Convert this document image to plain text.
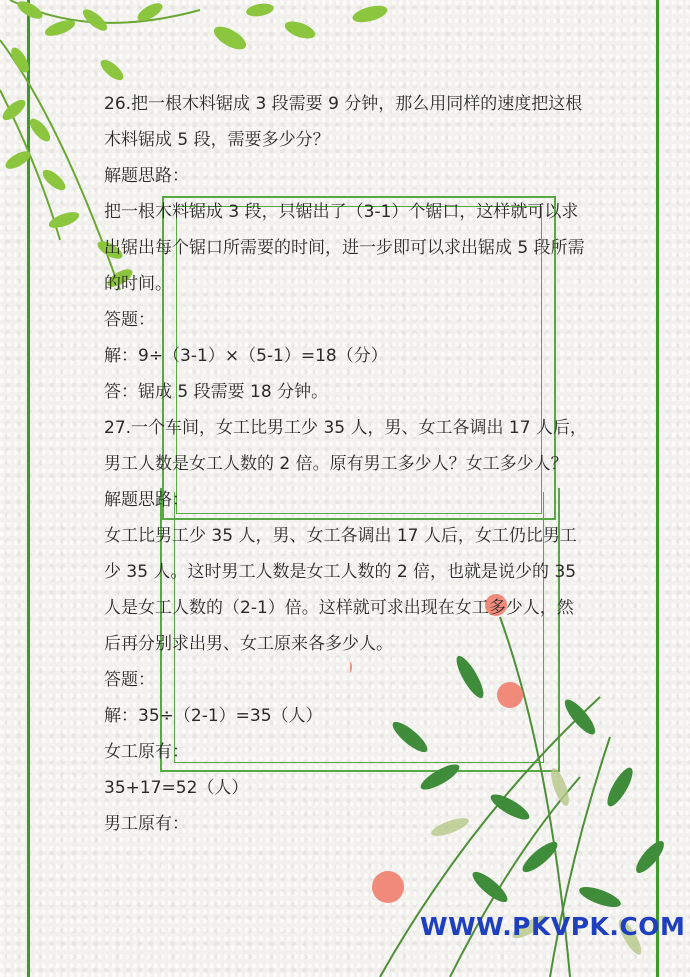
26.把一根木料锯成 3 段需要 9 分钟，那么用同样的速度把这根木料锯成 5 段，需要多少分？

解题思路：

把一根木料锯成 3 段，只锯出了（3-1）个锯口，这样就可以求出锯出每个锯口所需要的时间，进一步即可以求出锯成 5 段所需的时间。

答题：

解：9÷（3-1）×（5-1）=18（分）

答：锯成 5 段需要 18 分钟。

27.一个车间，女工比男工少 35 人，男、女工各调出 17 人后，男工人数是女工人数的 2 倍。原有男工多少人？女工多少人？

解题思路：

女工比男工少 35 人，男、女工各调出 17 人后，女工仍比男工少 35 人。这时男工人数是女工人数的 2 倍，也就是说少的 35 人是女工人数的（2-1）倍。这样就可求出现在女工多少人，然后再分别求出男、女工原来各多少人。

答题：

解：35÷（2-1）=35（人）

女工原有：

35+17=52（人）

男工原有：

WWW.PKVPK.COM
